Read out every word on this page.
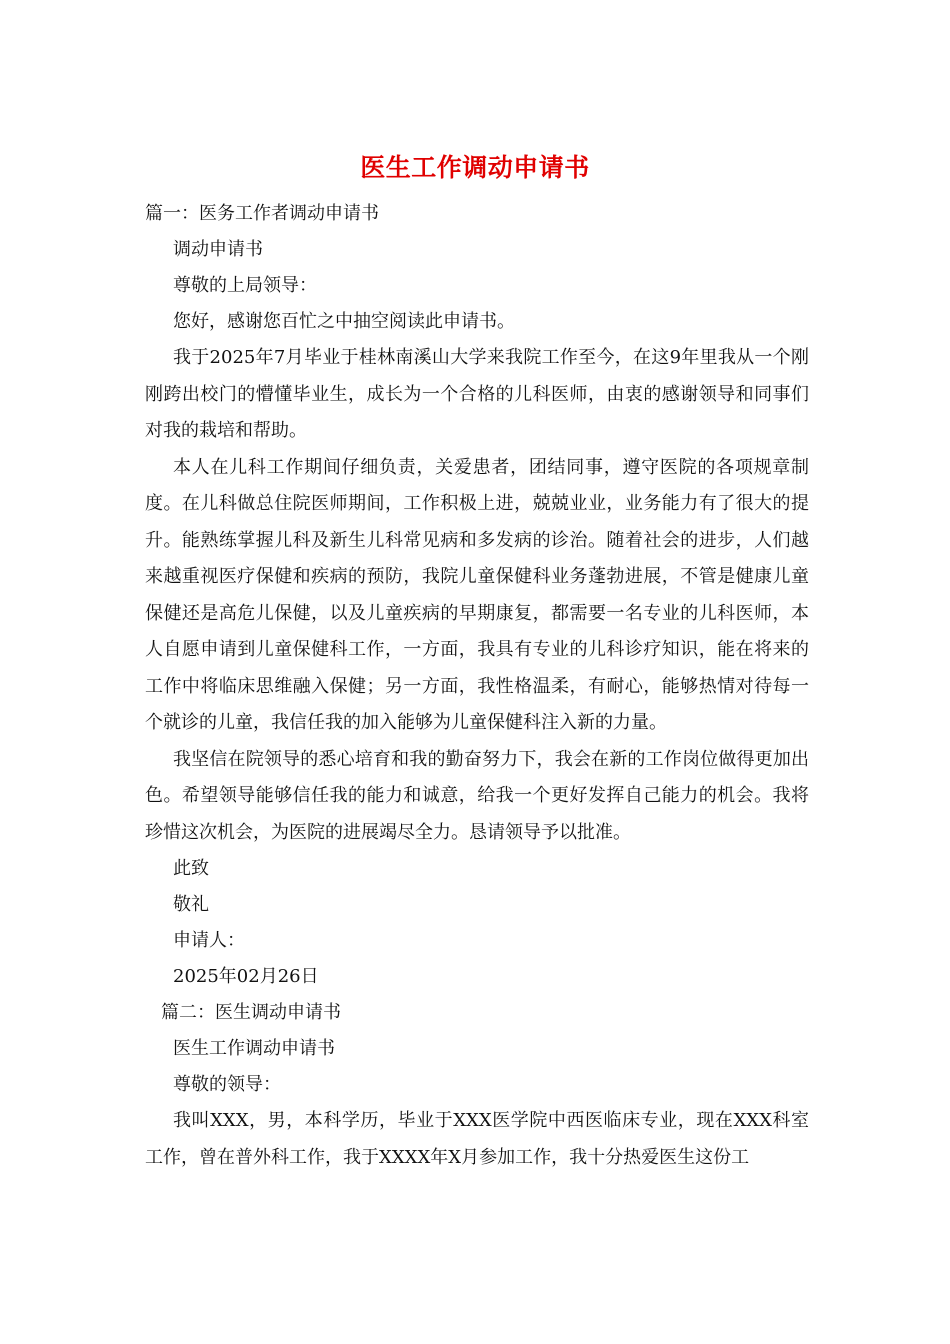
医生工作调动申请书

篇一：医务工作者调动申请书

调动申请书

尊敬的上局领导：

您好，感谢您百忙之中抽空阅读此申请书。

我于2025年7月毕业于桂林南溪山大学来我院工作至今，在这9年里我从一个刚刚跨出校门的懵懂毕业生，成长为一个合格的儿科医师，由衷的感谢领导和同事们对我的栽培和帮助。

本人在儿科工作期间仔细负责，关爱患者，团结同事，遵守医院的各项规章制度。在儿科做总住院医师期间，工作积极上进，兢兢业业，业务能力有了很大的提升。能熟练掌握儿科及新生儿科常见病和多发病的诊治。随着社会的进步，人们越来越重视医疗保健和疾病的预防，我院儿童保健科业务蓬勃进展，不管是健康儿童保健还是高危儿保健，以及儿童疾病的早期康复，都需要一名专业的儿科医师，本人自愿申请到儿童保健科工作，一方面，我具有专业的儿科诊疗知识，能在将来的工作中将临床思维融入保健；另一方面，我性格温柔，有耐心，能够热情对待每一个就诊的儿童，我信任我的加入能够为儿童保健科注入新的力量。

我坚信在院领导的悉心培育和我的勤奋努力下，我会在新的工作岗位做得更加出色。希望领导能够信任我的能力和诚意，给我一个更好发挥自己能力的机会。我将珍惜这次机会，为医院的进展竭尽全力。恳请领导予以批准。

此致

敬礼

申请人：

2025年02月26日

篇二：医生调动申请书

医生工作调动申请书

尊敬的领导：

我叫XXX，男，本科学历，毕业于XXX医学院中西医临床专业，现在XXX科室工作，曾在普外科工作，我于XXXX年X月参加工作，我十分热爱医生这份工
